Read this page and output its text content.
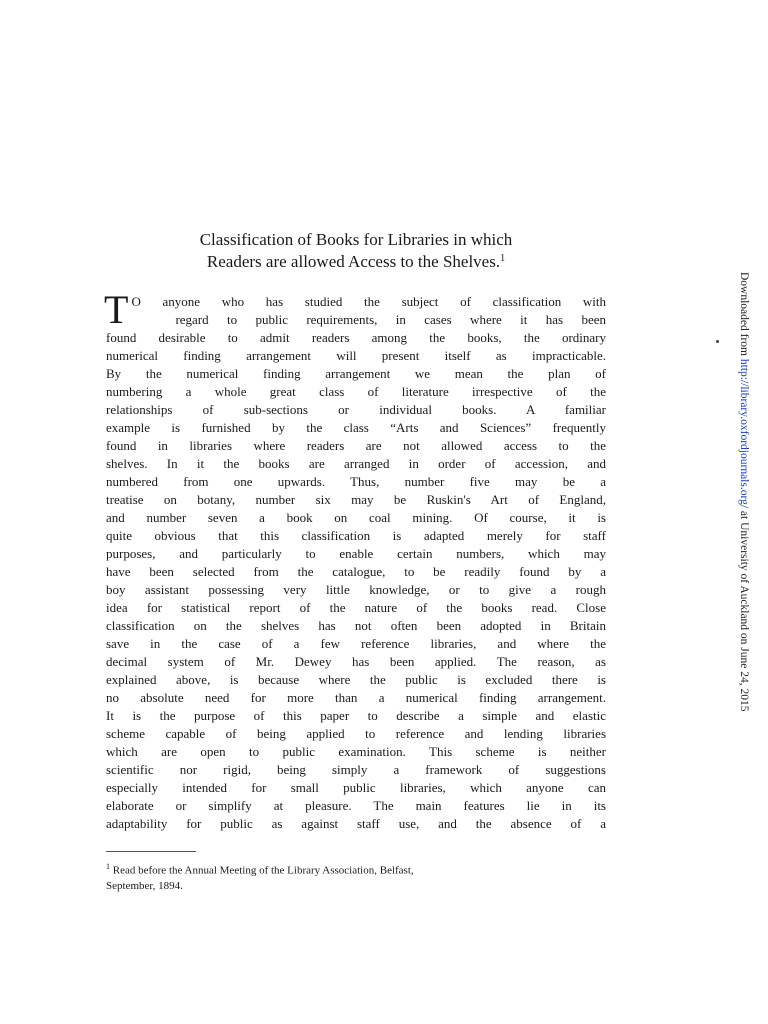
Classification of Books for Libraries in which
Readers are allowed Access to the Shelves.$^1$
T O anyone who has studied the subject of classification with
regard to public requirements, in cases where it has been
found desirable to admit readers among the books, the ordinary
numerical finding arrangement will present itself as impracticable.
By the numerical finding arrangement we mean the plan of
numbering a whole great class of literature irrespective of the
relationships of sub-sections or individual books. A familiar
example is furnished by the class “Arts and Sciences” frequently
found in libraries where readers are not allowed access to the
shelves. In it the books are arranged in order of accession, and
numbered from one upwards. Thus, number five may be a
treatise on botany, number six may be Ruskin's Art of England,
and number seven a book on coal mining. Of course, it is
quite obvious that this classification is adapted merely for staff
purposes, and particularly to enable certain numbers, which may
have been selected from the catalogue, to be readily found by a
boy assistant possessing very little knowledge, or to give a rough
idea for statistical report of the nature of the books read. Close
classification on the shelves has not often been adopted in Britain
save in the case of a few reference libraries, and where the
decimal system of Mr. Dewey has been applied. The reason, as
explained above, is because where the public is excluded there is
no absolute need for more than a numerical finding arrangement.
It is the purpose of this paper to describe a simple and elastic
scheme capable of being applied to reference and lending libraries
which are open to public examination. This scheme is neither
scientific nor rigid, being simply a framework of suggestions
especially intended for small public libraries, which anyone can
elaborate or simplify at pleasure. The main features lie in its
adaptability for public as against staff use, and the absence of a
$^1$ Read before the Annual Meeting of the Library Association, Belfast,
September, 1894.
Downloaded from http://library.oxfordjournals.org/ at University of Auckland on June 24, 2015
